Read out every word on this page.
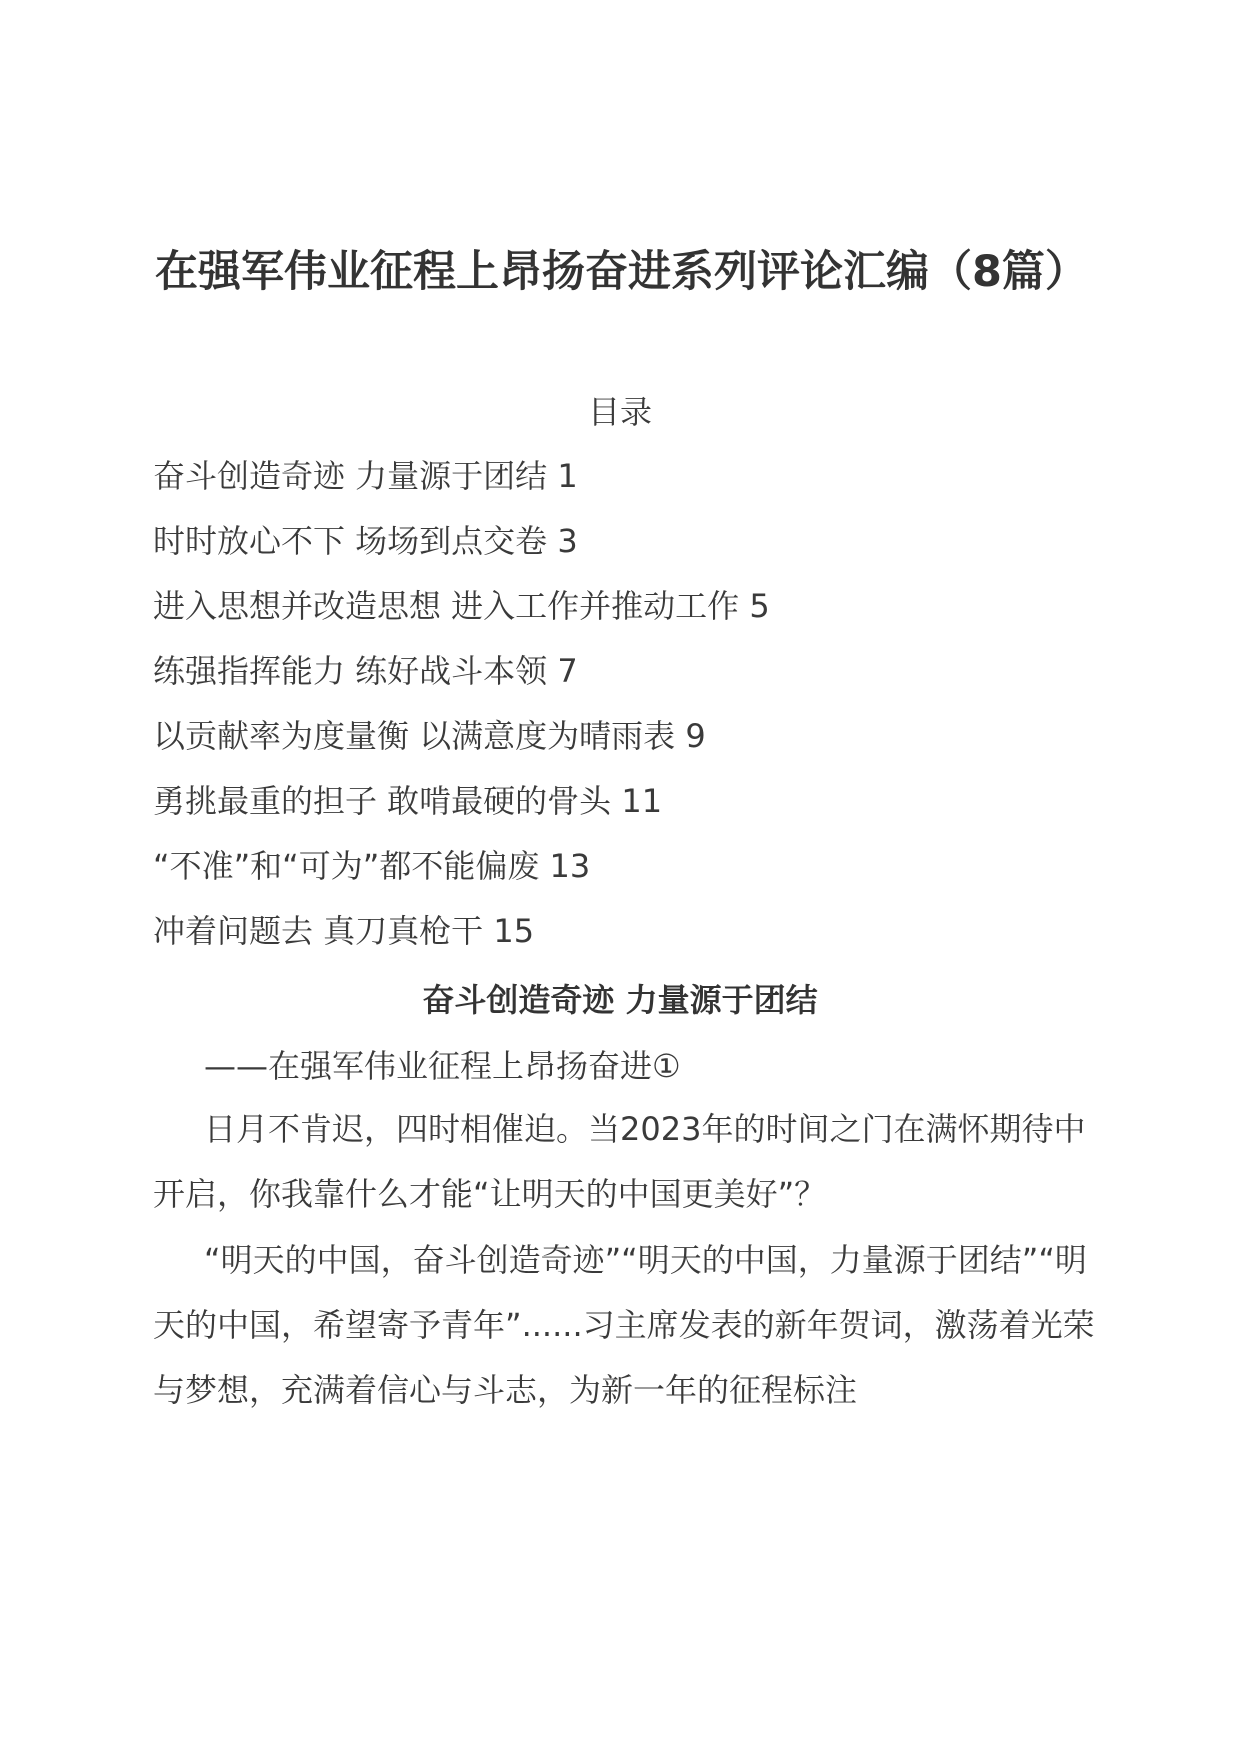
在强军伟业征程上昂扬奋进系列评论汇编（8篇）
目录
奋斗创造奇迹 力量源于团结 1
时时放心不下 场场到点交卷 3
进入思想并改造思想 进入工作并推动工作 5
练强指挥能力 练好战斗本领 7
以贡献率为度量衡 以满意度为晴雨表 9
勇挑最重的担子 敢啃最硬的骨头 11
“不准”和“可为”都不能偏废 13
冲着问题去 真刀真枪干 15
奋斗创造奇迹 力量源于团结
——在强军伟业征程上昂扬奋进①

日月不肯迟，四时相催迫。当2023年的时间之门在满怀期待中开启，你我靠什么才能“让明天的中国更美好”？

“明天的中国，奋斗创造奇迹”“明天的中国，力量源于团结”“明天的中国，希望寄予青年”......习主席发表的新年贺词，激荡着光荣与梦想，充满着信心与斗志，为新一年的征程标注
